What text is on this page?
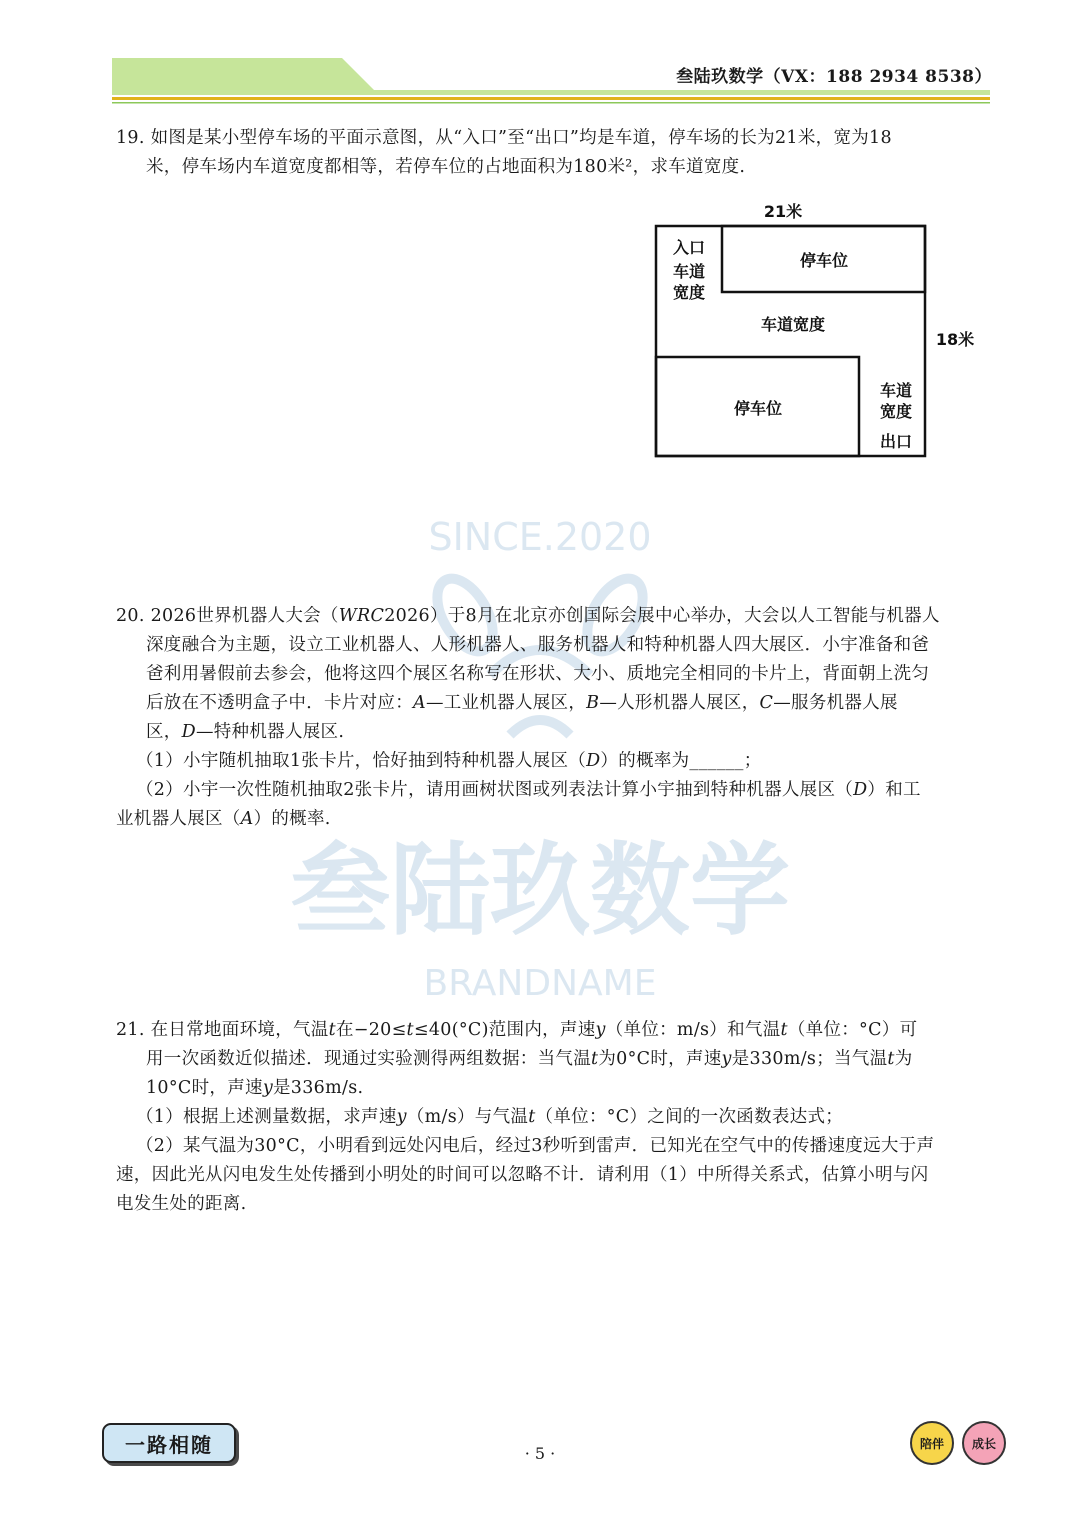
叁陆玖数学（VX：188 2934 8538）
SINCE.2020
叁陆玖数学
BRANDNAME

19. 如图是某小型停车场的平面示意图，从“入口”至“出口”均是车道，停车场的长为21米，宽为18

米，停车场内车道宽度都相等，若停车位的占地面积为180米²，求车道宽度.

21米
18米
入口
车道
宽度
停车位
车道宽度
停车位
车道
宽度
出口

20. 2026世界机器人大会（WRC2026）于8月在北京亦创国际会展中心举办，大会以人工智能与机器人

深度融合为主题，设立工业机器人、人形机器人、服务机器人和特种机器人四大展区．小宇准备和爸

爸利用暑假前去参会，他将这四个展区名称写在形状、大小、质地完全相同的卡片上，背面朝上洗匀

后放在不透明盒子中．卡片对应：A—工业机器人展区，B—人形机器人展区，C—服务机器人展

区，D—特种机器人展区.

（1）小宇随机抽取1张卡片，恰好抽到特种机器人展区（D）的概率为______；

（2）小宇一次性随机抽取2张卡片，请用画树状图或列表法计算小宇抽到特种机器人展区（D）和工

业机器人展区（A）的概率.

21. 在日常地面环境，气温t在−20≤t≤40(°C)范围内，声速y（单位：m/s）和气温t（单位：°C）可

用一次函数近似描述．现通过实验测得两组数据：当气温t为0°C时，声速y是330m/s；当气温t为

10°C时，声速y是336m/s.

（1）根据上述测量数据，求声速y（m/s）与气温t（单位：°C）之间的一次函数表达式；

（2）某气温为30°C，小明看到远处闪电后，经过3秒听到雷声．已知光在空气中的传播速度远大于声

速，因此光从闪电发生处传播到小明处的时间可以忽略不计．请利用（1）中所得关系式，估算小明与闪

电发生处的距离.

一路相随	· 5 ·
陪伴	成长
